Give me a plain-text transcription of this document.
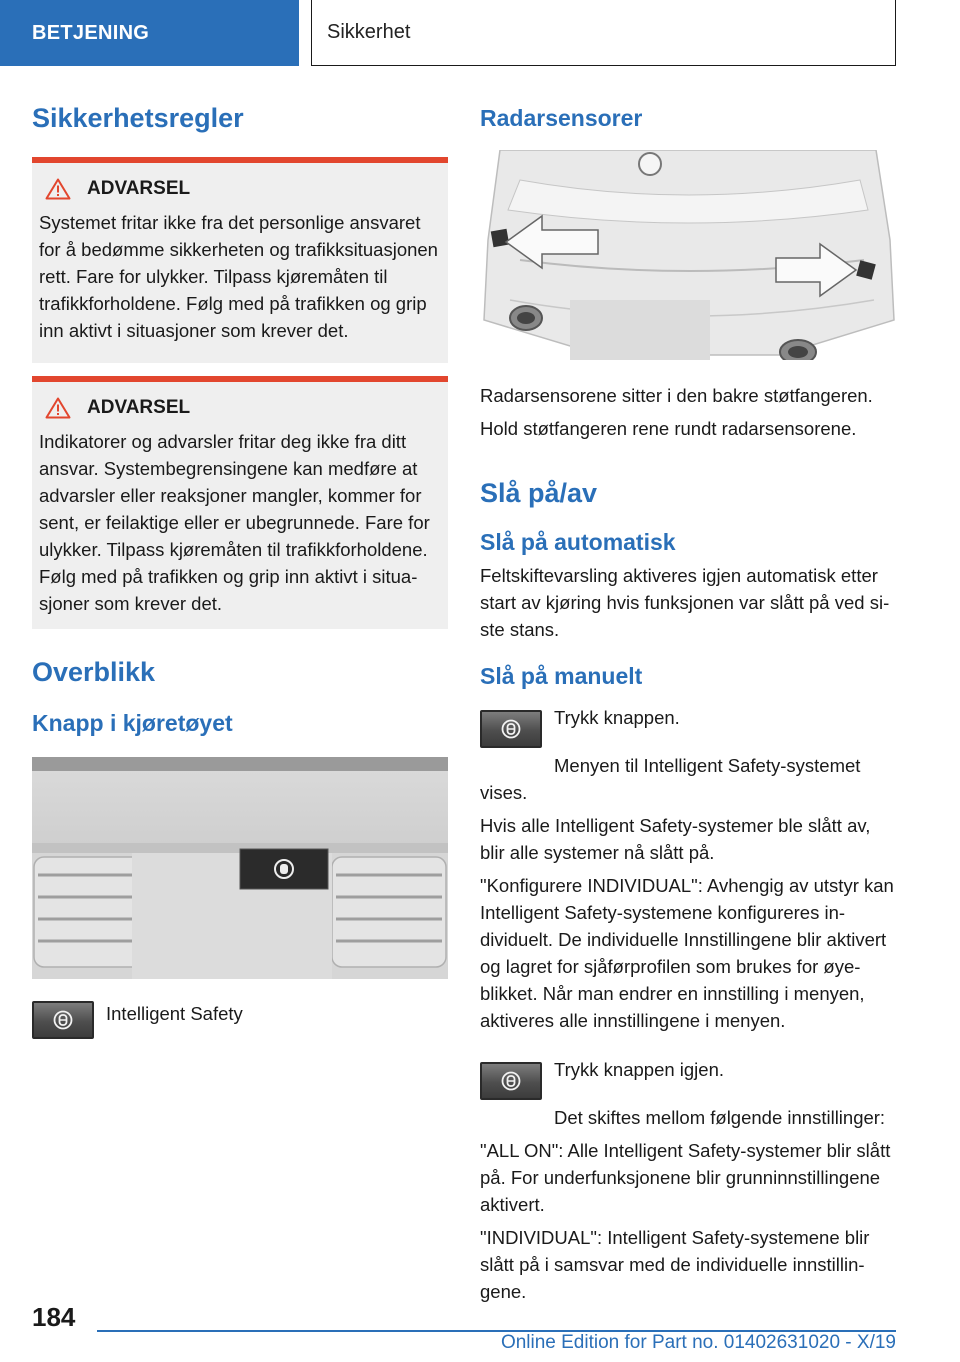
BETJENING	Sikkerhet
Sikkerhetsregler
ADVARSEL

Systemet fritar ikke fra det personlige ansvaret for å bedømme sikkerheten og trafikksituasjonen rett. Fare for ulykker. Tilpass kjøremåten til trafikkforholdene. Følg med på trafikken og grip inn aktivt i situasjoner som krever det.

ADVARSEL

Indikatorer og advarsler fritar deg ikke fra ditt ansvar. Systembegrensingene kan medføre at advarsler eller reaksjoner mangler, kommer for sent, er feilaktige eller er ubegrunnede. Fare for ulykker. Tilpass kjøremåten til trafikkforholdene. Følg med på trafikken og grip inn aktivt i situasjoner som krever det.

Overblikk
Knapp i kjøretøyet

Intelligent Safety

Radarsensorer

Radarsensorene sitter i den bakre støtfangeren.

Hold støtfangeren rene rundt radarsensorene.

Slå på/av
Slå på automatisk

Feltskiftevarsling aktiveres igjen automatisk etter start av kjøring hvis funksjonen var slått på ved siste stans.

Slå på manuelt

Trykk knappen.

Menyen til Intelligent Safety-systemet vises.

Hvis alle Intelligent Safety-systemer ble slått av, blir alle systemer nå slått på.

"Konfigurere INDIVIDUAL": Avhengig av utstyr kan Intelligent Safety-systemene konfigureres individuelt. De individuelle Innstillingene blir aktivert og lagret for sjåførprofilen som brukes for øyeblikket. Når man endrer en innstilling i menyen, aktiveres alle innstillingene i menyen.

Trykk knappen igjen.

Det skiftes mellom følgende innstillinger:

"ALL ON": Alle Intelligent Safety-systemer blir slått på. For underfunksjonene blir grunninnstillingene aktivert.

"INDIVIDUAL": Intelligent Safety-systemene blir slått på i samsvar med de individuelle innstillingene.

184
Online Edition for Part no. 01402631020 - X/19
